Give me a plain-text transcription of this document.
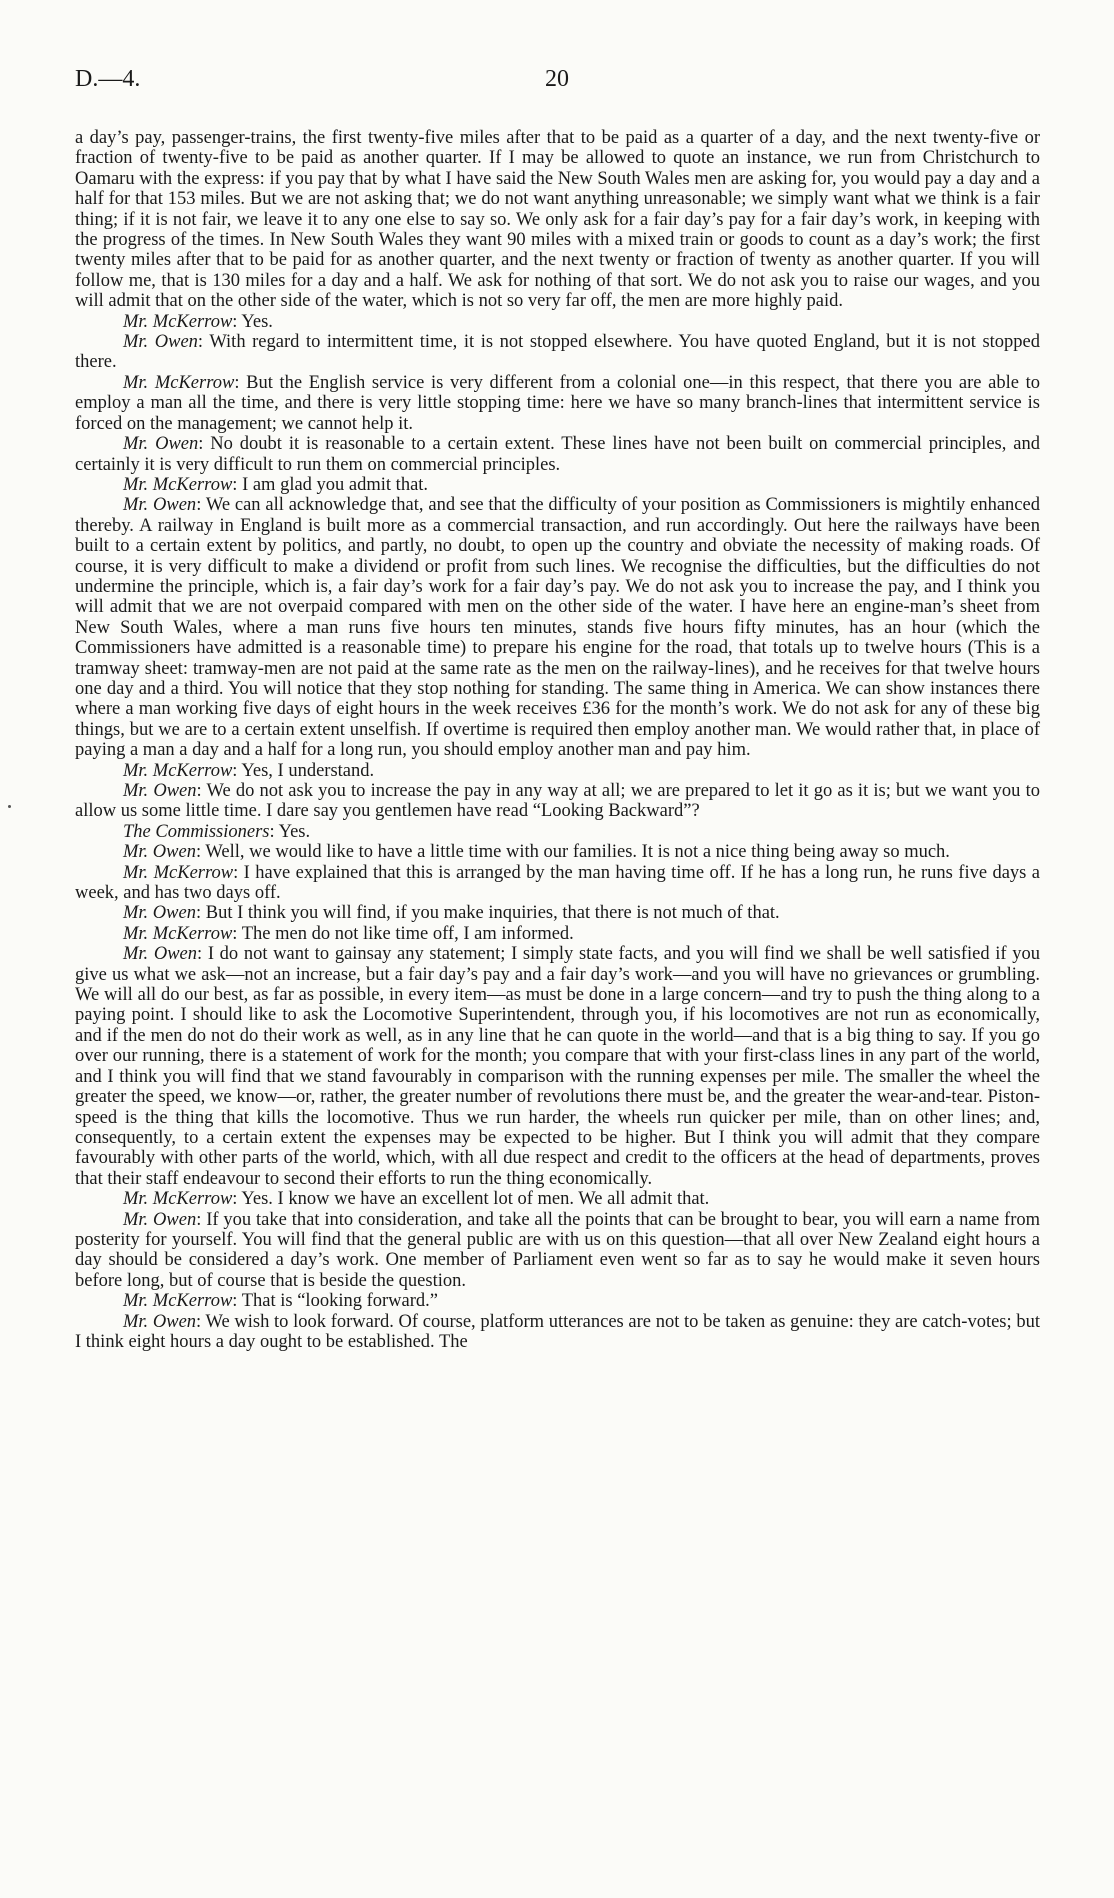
D.—4.	20

a day’s pay, passenger-trains, the first twenty-five miles after that to be paid as a quarter of a day, and the next twenty-five or fraction of twenty-five to be paid as another quarter. If I may be allowed to quote an instance, we run from Christchurch to Oamaru with the express: if you pay that by what I have said the New South Wales men are asking for, you would pay a day and a half for that 153 miles. But we are not asking that; we do not want anything unreasonable; we simply want what we think is a fair thing; if it is not fair, we leave it to any one else to say so. We only ask for a fair day’s pay for a fair day’s work, in keeping with the progress of the times. In New South Wales they want 90 miles with a mixed train or goods to count as a day’s work; the first twenty miles after that to be paid for as another quarter, and the next twenty or fraction of twenty as another quarter. If you will follow me, that is 130 miles for a day and a half. We ask for nothing of that sort. We do not ask you to raise our wages, and you will admit that on the other side of the water, which is not so very far off, the men are more highly paid.

Mr. McKerrow: Yes.

Mr. Owen: With regard to intermittent time, it is not stopped elsewhere. You have quoted England, but it is not stopped there.

Mr. McKerrow: But the English service is very different from a colonial one—in this respect, that there you are able to employ a man all the time, and there is very little stopping time: here we have so many branch-lines that intermittent service is forced on the management; we cannot help it.

Mr. Owen: No doubt it is reasonable to a certain extent. These lines have not been built on commercial principles, and certainly it is very difficult to run them on commercial principles.

Mr. McKerrow: I am glad you admit that.

Mr. Owen: We can all acknowledge that, and see that the difficulty of your position as Commissioners is mightily enhanced thereby. A railway in England is built more as a commercial transaction, and run accordingly. Out here the railways have been built to a certain extent by politics, and partly, no doubt, to open up the country and obviate the necessity of making roads. Of course, it is very difficult to make a dividend or profit from such lines. We recognise the difficulties, but the difficulties do not undermine the principle, which is, a fair day’s work for a fair day’s pay. We do not ask you to increase the pay, and I think you will admit that we are not overpaid compared with men on the other side of the water. I have here an engine-man’s sheet from New South Wales, where a man runs five hours ten minutes, stands five hours fifty minutes, has an hour (which the Commissioners have admitted is a reasonable time) to prepare his engine for the road, that totals up to twelve hours (This is a tramway sheet: tramway-men are not paid at the same rate as the men on the railway-lines), and he receives for that twelve hours one day and a third. You will notice that they stop nothing for standing. The same thing in America. We can show instances there where a man working five days of eight hours in the week receives £36 for the month’s work. We do not ask for any of these big things, but we are to a certain extent unselfish. If overtime is required then employ another man. We would rather that, in place of paying a man a day and a half for a long run, you should employ another man and pay him.

Mr. McKerrow: Yes, I understand.

Mr. Owen: We do not ask you to increase the pay in any way at all; we are prepared to let it go as it is; but we want you to allow us some little time. I dare say you gentlemen have read “Looking Backward”?

The Commissioners: Yes.

Mr. Owen: Well, we would like to have a little time with our families. It is not a nice thing being away so much.

Mr. McKerrow: I have explained that this is arranged by the man having time off. If he has a long run, he runs five days a week, and has two days off.

Mr. Owen: But I think you will find, if you make inquiries, that there is not much of that.

Mr. McKerrow: The men do not like time off, I am informed.

Mr. Owen: I do not want to gainsay any statement; I simply state facts, and you will find we shall be well satisfied if you give us what we ask—not an increase, but a fair day’s pay and a fair day’s work—and you will have no grievances or grumbling. We will all do our best, as far as possible, in every item—as must be done in a large concern—and try to push the thing along to a paying point. I should like to ask the Locomotive Superintendent, through you, if his locomotives are not run as economically, and if the men do not do their work as well, as in any line that he can quote in the world—and that is a big thing to say. If you go over our running, there is a statement of work for the month; you compare that with your first-class lines in any part of the world, and I think you will find that we stand favourably in comparison with the running expenses per mile. The smaller the wheel the greater the speed, we know—or, rather, the greater number of revolutions there must be, and the greater the wear-and-tear. Piston-speed is the thing that kills the locomotive. Thus we run harder, the wheels run quicker per mile, than on other lines; and, consequently, to a certain extent the expenses may be expected to be higher. But I think you will admit that they compare favourably with other parts of the world, which, with all due respect and credit to the officers at the head of departments, proves that their staff endeavour to second their efforts to run the thing economically.

Mr. McKerrow: Yes. I know we have an excellent lot of men. We all admit that.

Mr. Owen: If you take that into consideration, and take all the points that can be brought to bear, you will earn a name from posterity for yourself. You will find that the general public are with us on this question—that all over New Zealand eight hours a day should be considered a day’s work. One member of Parliament even went so far as to say he would make it seven hours before long, but of course that is beside the question.

Mr. McKerrow: That is “looking forward.”

Mr. Owen: We wish to look forward. Of course, platform utterances are not to be taken as genuine: they are catch-votes; but I think eight hours a day ought to be established. The
